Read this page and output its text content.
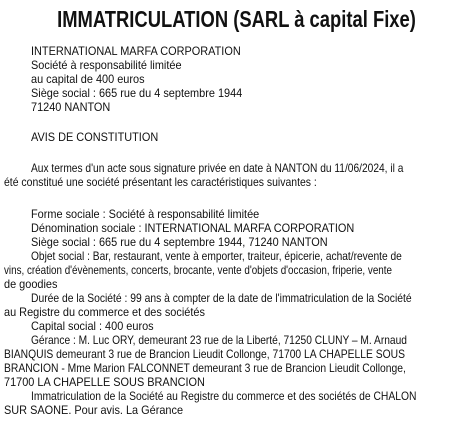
IMMATRICULATION (SARL à capital Fixe)
INTERNATIONAL MARFA CORPORATION
Société à responsabilité limitée
au capital de 400 euros
Siège social : 665 rue du 4 septembre 1944
71240 NANTON
AVIS DE CONSTITUTION
Aux termes d'un acte sous signature privée en date à NANTON du 11/06/2024, il a
été constitué une société présentant les caractéristiques suivantes :
Forme sociale : Société à responsabilité limitée
Dénomination sociale : INTERNATIONAL MARFA CORPORATION
Siège social : 665 rue du 4 septembre 1944, 71240 NANTON
Objet social : Bar, restaurant, vente à emporter, traiteur, épicerie, achat/revente de
vins, création d'évènements, concerts, brocante, vente d'objets d'occasion, friperie, vente
de goodies
Durée de la Société : 99 ans à compter de la date de l'immatriculation de la Société
au Registre du commerce et des sociétés
Capital social : 400 euros
Gérance : M. Luc ORY, demeurant 23 rue de la Liberté, 71250 CLUNY – M. Arnaud
BIANQUIS demeurant 3 rue de Brancion Lieudit Collonge, 71700 LA CHAPELLE SOUS
BRANCION - Mme Marion FALCONNET demeurant 3 rue de Brancion Lieudit Collonge,
71700 LA CHAPELLE SOUS BRANCION
Immatriculation de la Société au Registre du commerce et des sociétés de CHALON
SUR SAONE. Pour avis. La Gérance
